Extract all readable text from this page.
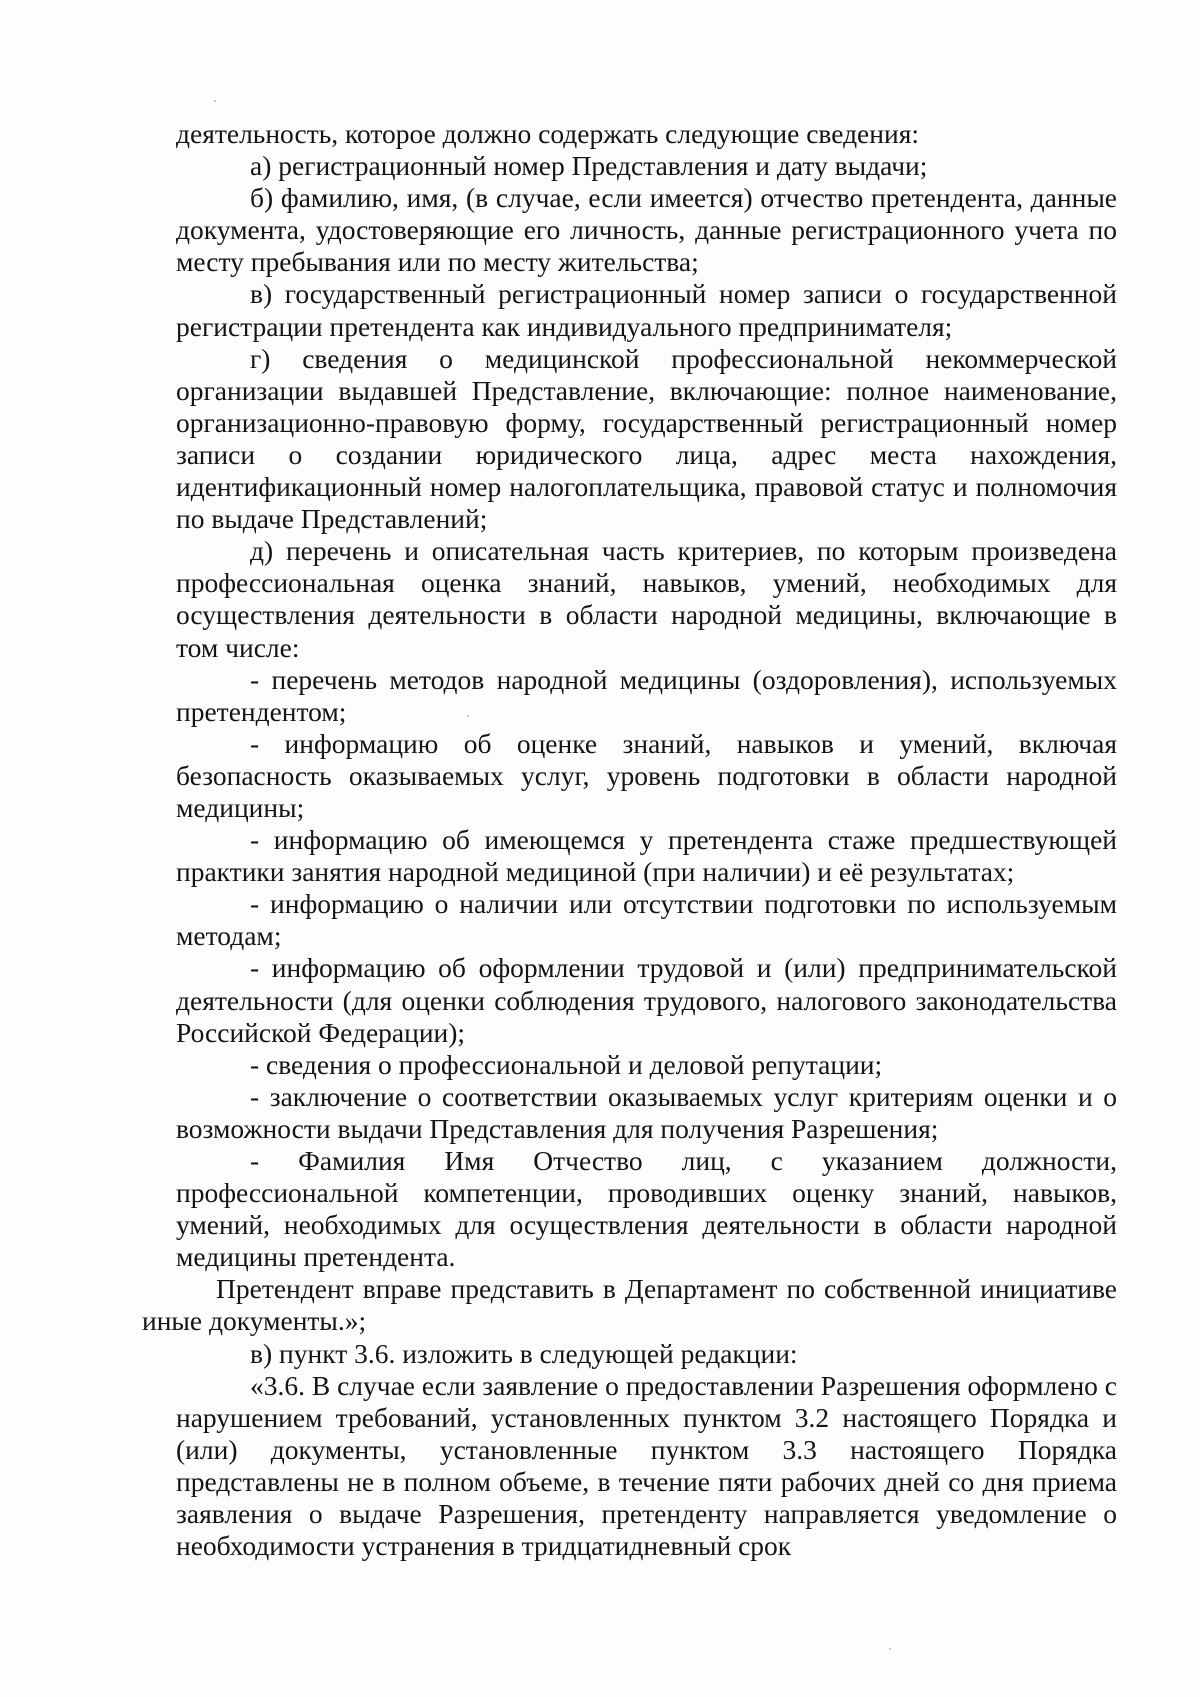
деятельность, которое должно содержать следующие сведения:

а) регистрационный номер Представления и дату выдачи;

б) фамилию, имя, (в случае, если имеется) отчество претендента, данные документа, удостоверяющие его личность, данные регистрационного учета по месту пребывания или по месту жительства;

в) государственный регистрационный номер записи о государственной регистрации претендента как индивидуального предпринимателя;

г) сведения о медицинской профессиональной некоммерческой организации выдавшей Представление, включающие: полное наименование, организационно-правовую форму, государственный регистрационный номер записи о создании юридического лица, адрес места нахождения, идентификационный номер налогоплательщика, правовой статус и полномочия по выдаче Представлений;

д) перечень и описательная часть критериев, по которым произведена профессиональная оценка знаний, навыков, умений, необходимых для осуществления деятельности в области народной медицины, включающие в том числе:

- перечень методов народной медицины (оздоровления), используемых претендентом;

- информацию об оценке знаний, навыков и умений, включая безопасность оказываемых услуг, уровень подготовки в области народной медицины;

- информацию об имеющемся у претендента стаже предшествующей практики занятия народной медициной (при наличии) и её результатах;

- информацию о наличии или отсутствии подготовки по используемым методам;

- информацию об оформлении трудовой и (или) предпринимательской деятельности (для оценки соблюдения трудового, налогового законодательства Российской Федерации);

- сведения о профессиональной и деловой репутации;

- заключение о соответствии оказываемых услуг критериям оценки и о возможности выдачи Представления для получения Разрешения;

- Фамилия Имя Отчество лиц, с указанием должности, профессиональной компетенции, проводивших оценку знаний, навыков, умений, необходимых для осуществления деятельности в области народной медицины претендента.

Претендент вправе представить в Департамент по собственной инициативе иные документы.»;

в) пункт 3.6. изложить в следующей редакции:

«3.6. В случае если заявление о предоставлении Разрешения оформлено с нарушением требований, установленных пунктом 3.2 настоящего Порядка и (или) документы, установленные пунктом 3.3 настоящего Порядка представлены не в полном объеме, в течение пяти рабочих дней со дня приема заявления о выдаче Разрешения, претенденту направляется уведомление о необходимости устранения в тридцатидневный срок
